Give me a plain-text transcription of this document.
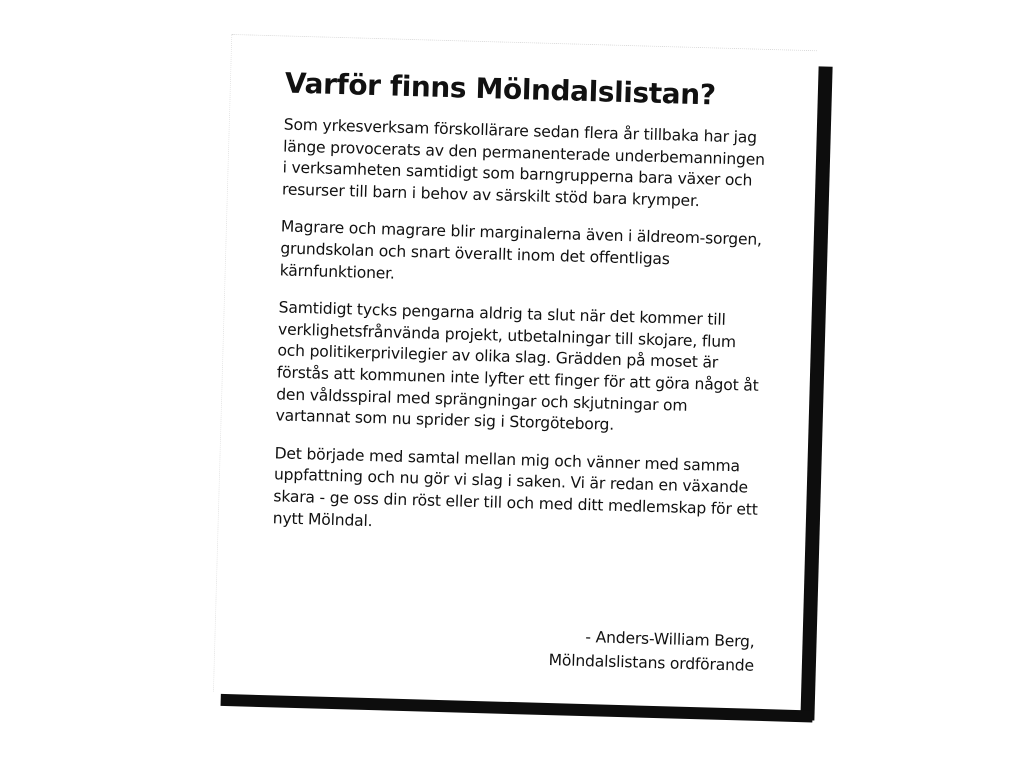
Varför finns Mölndalslistan?

Som yrkesverksam förskollärare sedan flera år tillbaka har jag länge provocerats av den permanenterade underbemanningen i verksamheten samtidigt som barngrupperna bara växer och resurser till barn i behov av särskilt stöd bara krymper.

Magrare och magrare blir marginalerna även i äldreom-sorgen, grundskolan och snart överallt inom det offentligas kärnfunktioner.

Samtidigt tycks pengarna aldrig ta slut när det kommer till verklighetsfrånvända projekt, utbetalningar till skojare, flum och politikerprivilegier av olika slag. Grädden på moset är förstås att kommunen inte lyfter ett finger för att göra något åt den våldsspiral med sprängningar och skjutningar om vartannat som nu sprider sig i Storgöteborg.

Det började med samtal mellan mig och vänner med samma uppfattning och nu gör vi slag i saken. Vi är redan en växande skara - ge oss din röst eller till och med ditt medlemskap för ett nytt Mölndal.

- Anders-William Berg,
Mölndalslistans ordförande
